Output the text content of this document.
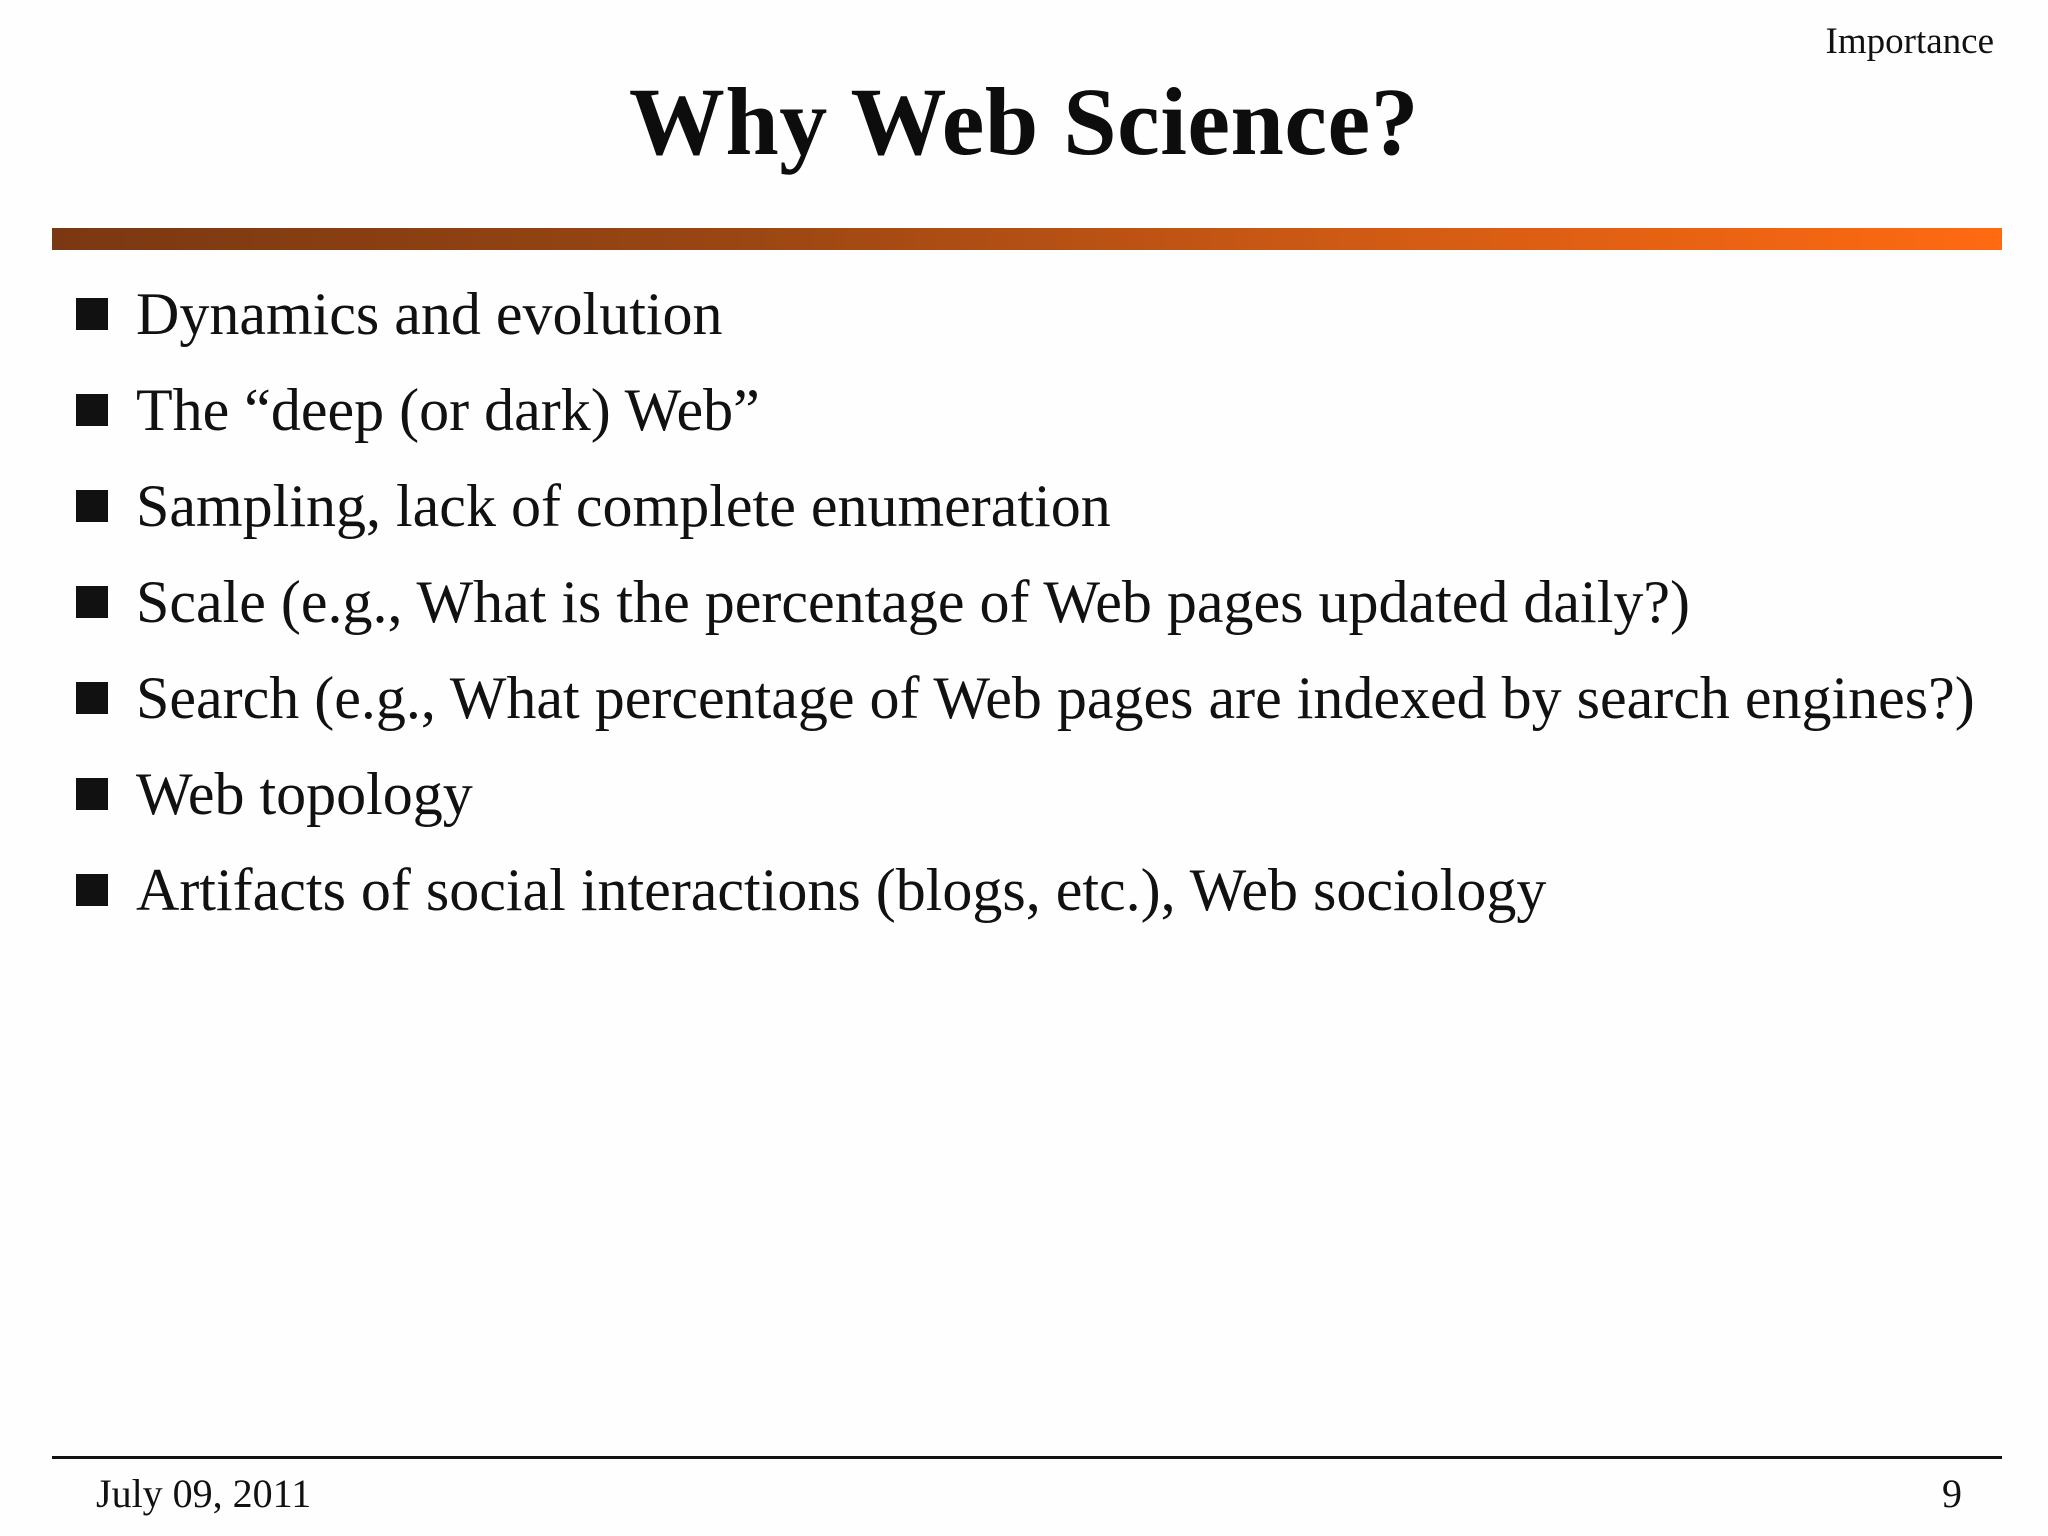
Importance
Why Web Science?
Dynamics and evolution
The “deep (or dark) Web”
Sampling, lack of complete enumeration
Scale (e.g., What is the percentage of Web pages updated daily?)
Search (e.g., What percentage of Web pages are indexed by search engines?)
Web topology
Artifacts of social interactions (blogs, etc.), Web sociology
July 09, 2011	9
